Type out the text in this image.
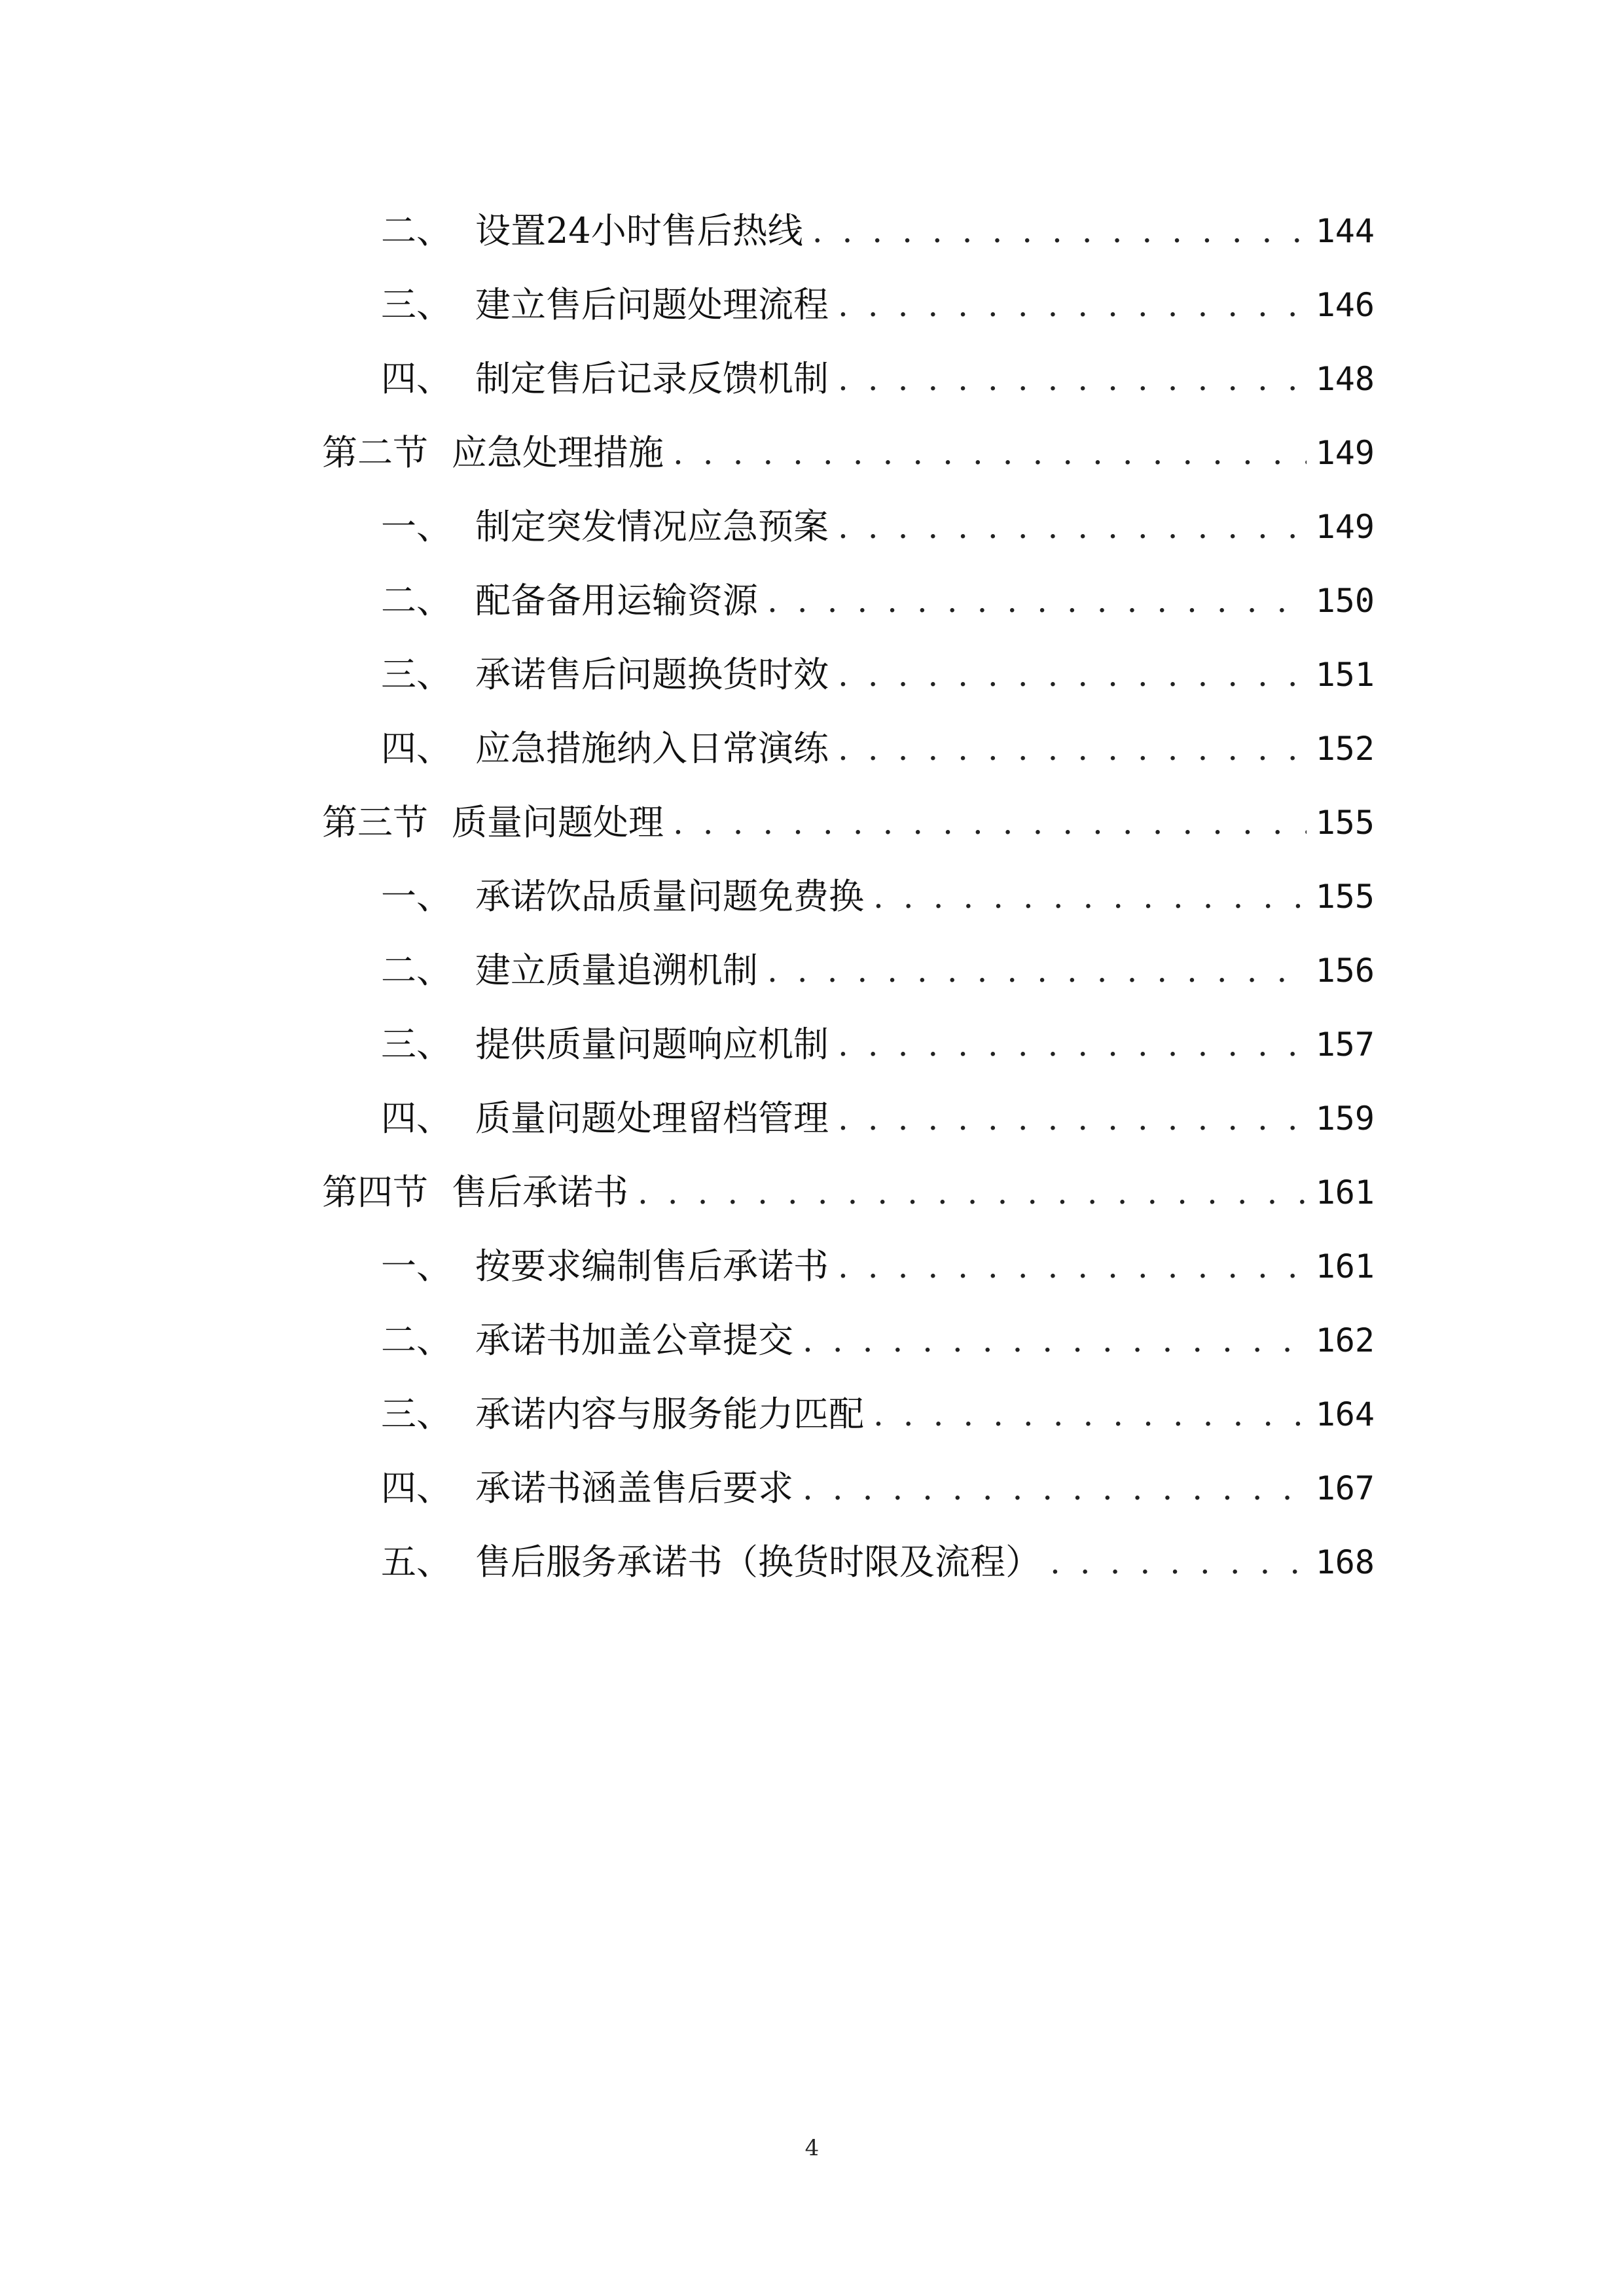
二、 设置24小时售后热线 . . .	144
三、 建立售后问题处理流程 . . .	146
四、 制定售后记录反馈机制 . . .	148
第二节 应急处理措施 . . .	149
一、 制定突发情况应急预案 . . .	149
二、 配备备用运输资源 . . .	150
三、 承诺售后问题换货时效 . . .	151
四、 应急措施纳入日常演练 . . .	152
第三节 质量问题处理 . . .	155
一、 承诺饮品质量问题免费换 . . .	155
二、 建立质量追溯机制 . . .	156
三、 提供质量问题响应机制 . . .	157
四、 质量问题处理留档管理 . . .	159
第四节 售后承诺书 . . .	161
一、 按要求编制售后承诺书 . . .	161
二、 承诺书加盖公章提交 . . .	162
三、 承诺内容与服务能力匹配 . . .	164
四、 承诺书涵盖售后要求 . . .	167
五、 售后服务承诺书（换货时限及流程） . . .	168
4
